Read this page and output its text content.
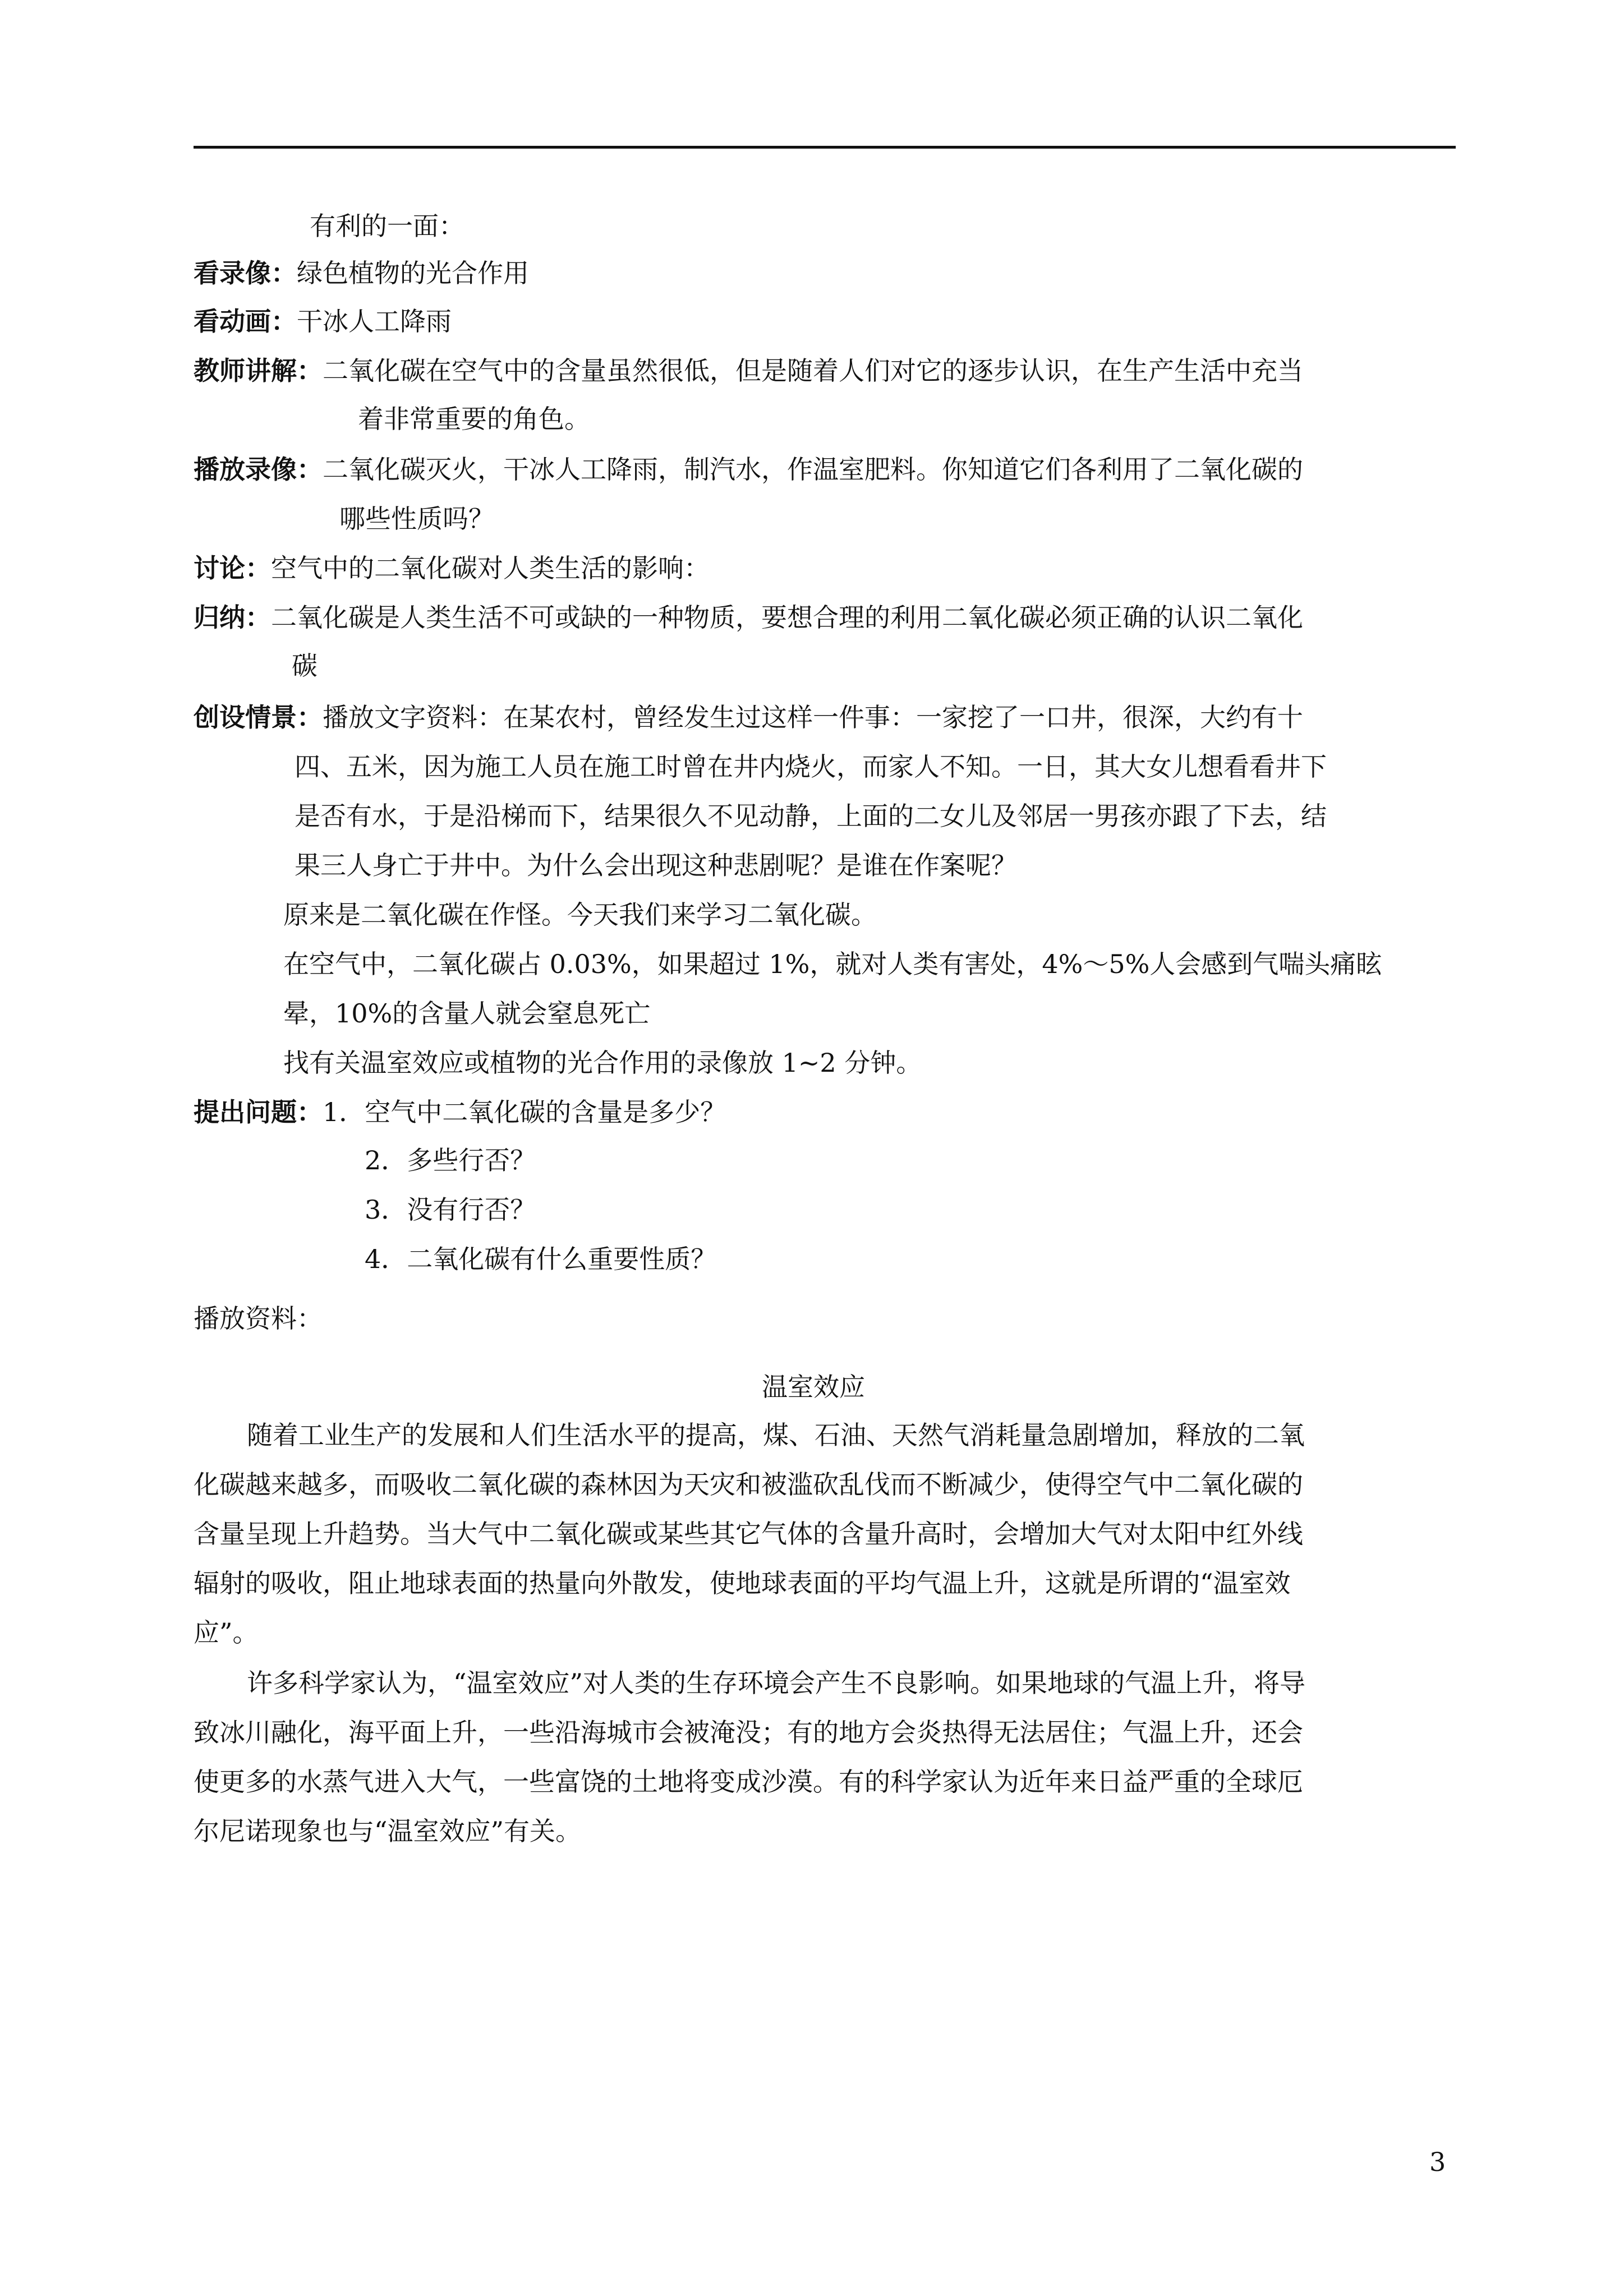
有利的一面：
看录像：绿色植物的光合作用
看动画：干冰人工降雨
教师讲解：二氧化碳在空气中的含量虽然很低，但是随着人们对它的逐步认识，在生产生活中充当
着非常重要的角色。
播放录像：二氧化碳灭火，干冰人工降雨，制汽水，作温室肥料。你知道它们各利用了二氧化碳的
哪些性质吗？
讨论：空气中的二氧化碳对人类生活的影响：
归纳：二氧化碳是人类生活不可或缺的一种物质，要想合理的利用二氧化碳必须正确的认识二氧化
碳
创设情景：播放文字资料：在某农村，曾经发生过这样一件事：一家挖了一口井，很深，大约有十
四、五米，因为施工人员在施工时曾在井内烧火，而家人不知。一日，其大女儿想看看井下
是否有水，于是沿梯而下，结果很久不见动静，上面的二女儿及邻居一男孩亦跟了下去，结
果三人身亡于井中。为什么会出现这种悲剧呢？是谁在作案呢？
原来是二氧化碳在作怪。今天我们来学习二氧化碳。
在空气中，二氧化碳占 0.03%，如果超过 1%，就对人类有害处，4%～5%人会感到气喘头痛眩
晕，10%的含量人就会窒息死亡
找有关温室效应或植物的光合作用的录像放 1~2 分钟。
提出问题：1．空气中二氧化碳的含量是多少？
2．多些行否？
3．没有行否？
4．二氧化碳有什么重要性质？
播放资料：
温室效应
随着工业生产的发展和人们生活水平的提高，煤、石油、天然气消耗量急剧增加，释放的二氧
化碳越来越多，而吸收二氧化碳的森林因为天灾和被滥砍乱伐而不断减少，使得空气中二氧化碳的
含量呈现上升趋势。当大气中二氧化碳或某些其它气体的含量升高时，会增加大气对太阳中红外线
辐射的吸收，阻止地球表面的热量向外散发，使地球表面的平均气温上升，这就是所谓的“温室效
应”。
许多科学家认为，“温室效应”对人类的生存环境会产生不良影响。如果地球的气温上升，将导
致冰川融化，海平面上升，一些沿海城市会被淹没；有的地方会炎热得无法居住；气温上升，还会
使更多的水蒸气进入大气，一些富饶的土地将变成沙漠。有的科学家认为近年来日益严重的全球厄
尔尼诺现象也与“温室效应”有关。
3
